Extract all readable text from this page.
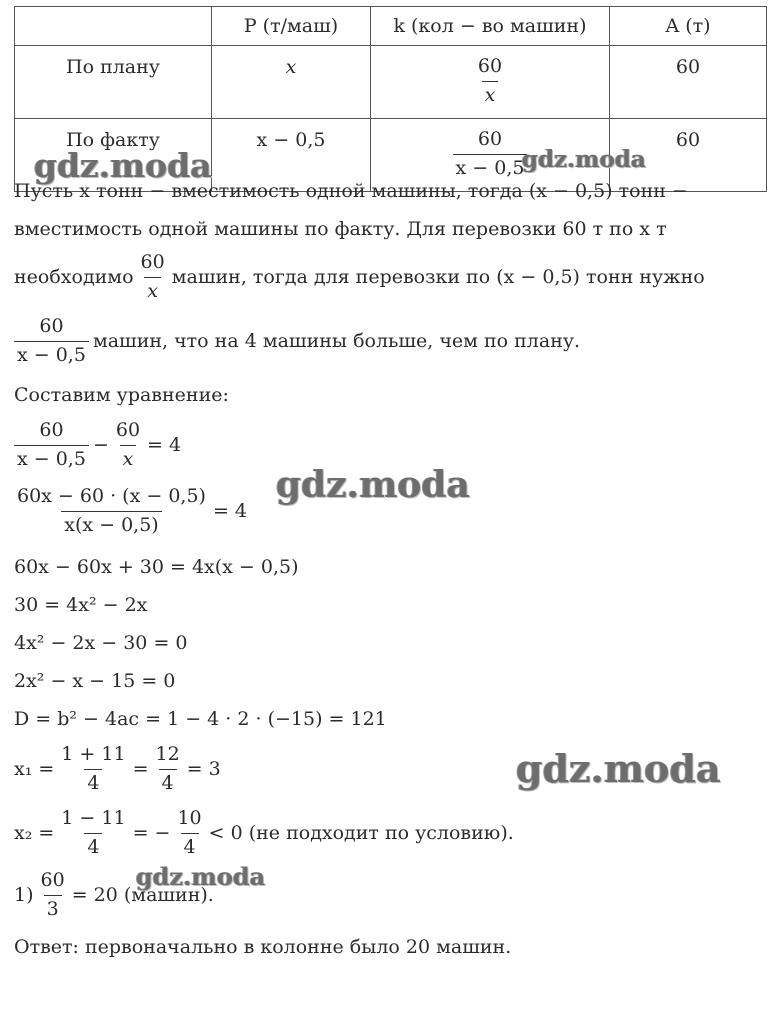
	P (т/маш)	k (кол − во машин)	A (т)
По плану	x	$\frac{60}{x}$	60
По факту	x − 0,5	$\frac{60}{x - 0,5}$	60
Пусть x тонн − вместимость одной машины, тогда (x − 0,5) тонн −
вместимость одной машины по факту. Для перевозки 60 т по x т
необходимо $\frac{60}{x}$ машин, тогда для перевозки по (x − 0,5) тонн нужно
$\frac{60}{x - 0,5}$ машин, что на 4 машины больше, чем по плану.
Составим уравнение:
$\frac{60}{x - 0,5} - \frac{60}{x} = 4$
$\frac{60x - 60 \cdot (x - 0,5)}{x(x - 0,5)} = 4$
60x − 60x + 30 = 4x(x − 0,5)
30 = 4x² − 2x
4x² − 2x − 30 = 0
2x² − x − 15 = 0
D = b² − 4ac = 1 − 4 · 2 · (−15) = 121
$x_1 = \frac{1 + 11}{4} = \frac{12}{4} = 3$
$x_2 = \frac{1 - 11}{4}$ = − $\frac{10}{4} < 0$ (не подходит по условию).
$1) \frac{60}{3} = 20$ (машин).
Ответ: первоначально в колонне было 20 машин.
gdz.moda	gdz.moda
gdz.moda
gdz.moda
gdz.moda
